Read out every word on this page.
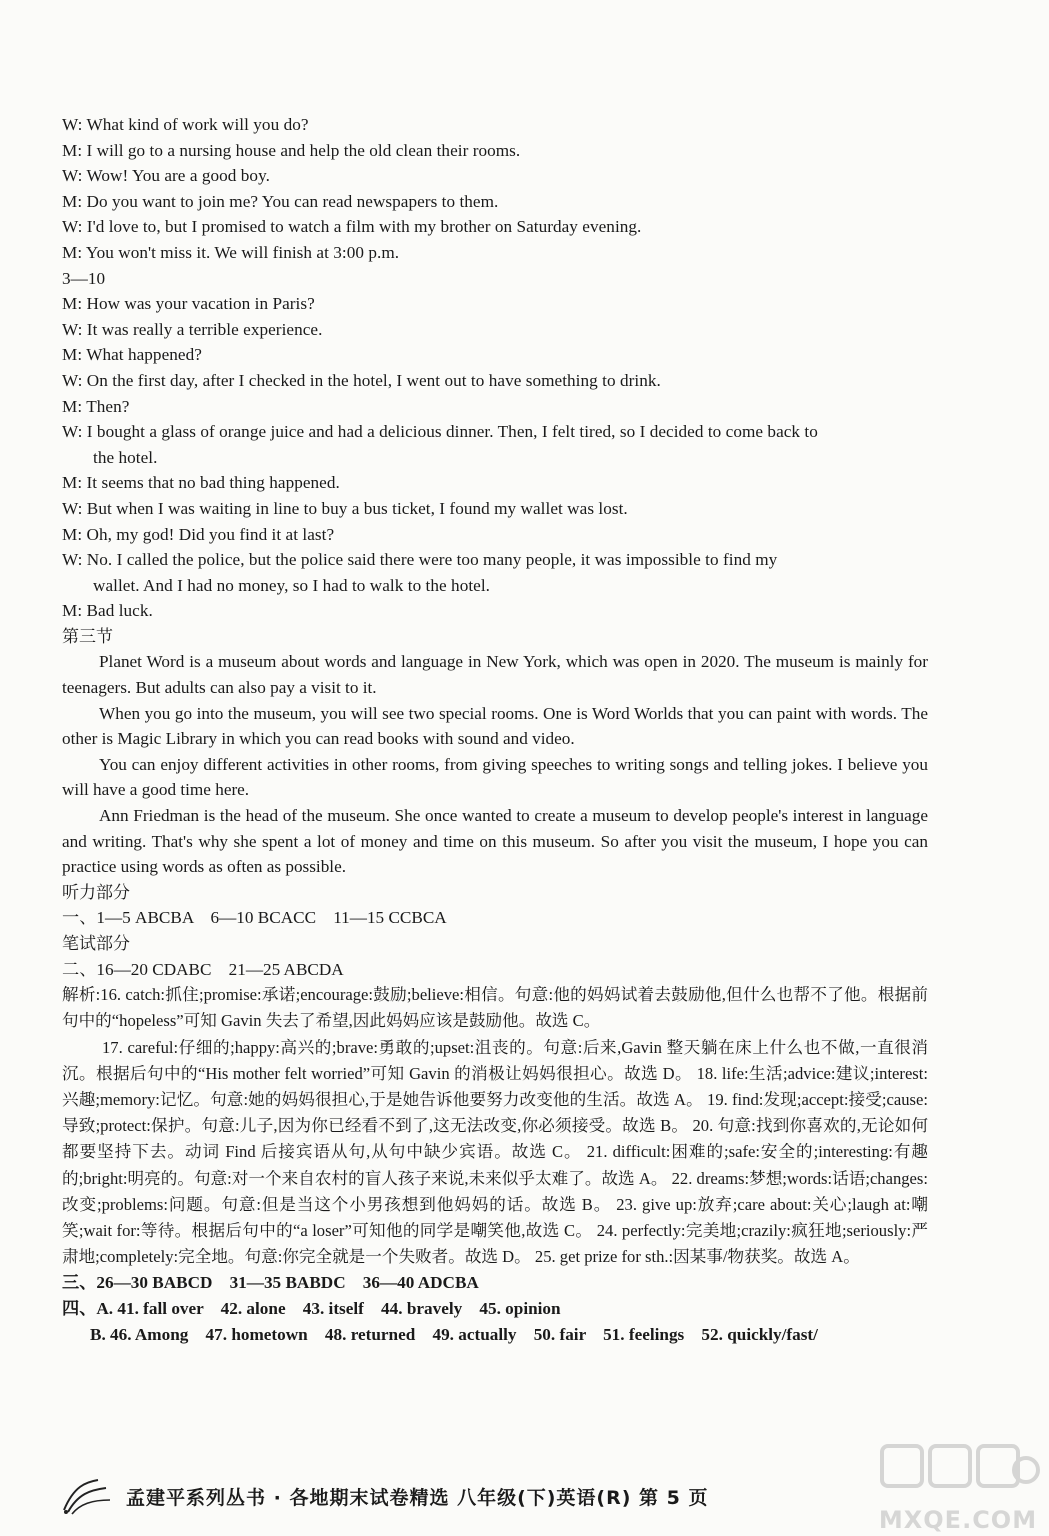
W: What kind of work will you do?
M: I will go to a nursing house and help the old clean their rooms.
W: Wow! You are a good boy.
M: Do you want to join me? You can read newspapers to them.
W: I'd love to, but I promised to watch a film with my brother on Saturday evening.
M: You won't miss it. We will finish at 3:00 p.m.
3—10
M: How was your vacation in Paris?
W: It was really a terrible experience.
M: What happened?
W: On the first day, after I checked in the hotel, I went out to have something to drink.
M: Then?
W: I bought a glass of orange juice and had a delicious dinner. Then, I felt tired, so I decided to come back to
the hotel.
M: It seems that no bad thing happened.
W: But when I was waiting in line to buy a bus ticket, I found my wallet was lost.
M: Oh, my god! Did you find it at last?
W: No. I called the police, but the police said there were too many people, it was impossible to find my
wallet. And I had no money, so I had to walk to the hotel.
M: Bad luck.
第三节
Planet Word is a museum about words and language in New York, which was open in 2020. The museum is mainly for teenagers. But adults can also pay a visit to it.
When you go into the museum, you will see two special rooms. One is Word Worlds that you can paint with words. The other is Magic Library in which you can read books with sound and video.
You can enjoy different activities in other rooms, from giving speeches to writing songs and telling jokes. I believe you will have a good time here.
Ann Friedman is the head of the museum. She once wanted to create a museum to develop people's interest in language and writing. That's why she spent a lot of money and time on this museum. So after you visit the museum, I hope you can practice using words as often as possible.
听力部分
一、1—5 ABCBA    6—10 BCACC    11—15 CCBCA
笔试部分
二、16—20 CDABC    21—25 ABCDA
解析:16. catch:抓住;promise:承诺;encourage:鼓励;believe:相信。句意:他的妈妈试着去鼓励他,但什么也帮不了他。根据前句中的“hopeless”可知 Gavin 失去了希望,因此妈妈应该是鼓励他。故选 C。
17. careful:仔细的;happy:高兴的;brave:勇敢的;upset:沮丧的。句意:后来,Gavin 整天躺在床上什么也不做,一直很消沉。根据后句中的“His mother felt worried”可知 Gavin 的消极让妈妈很担心。故选 D。 18. life:生活;advice:建议;interest:兴趣;memory:记忆。句意:她的妈妈很担心,于是她告诉他要努力改变他的生活。故选 A。 19. find:发现;accept:接受;cause:导致;protect:保护。句意:儿子,因为你已经看不到了,这无法改变,你必须接受。故选 B。 20. 句意:找到你喜欢的,无论如何都要坚持下去。动词 Find 后接宾语从句,从句中缺少宾语。故选 C。 21. difficult:困难的;safe:安全的;interesting:有趣的;bright:明亮的。句意:对一个来自农村的盲人孩子来说,未来似乎太难了。故选 A。 22. dreams:梦想;words:话语;changes:改变;problems:问题。句意:但是当这个小男孩想到他妈妈的话。故选 B。 23. give up:放弃;care about:关心;laugh at:嘲笑;wait for:等待。根据后句中的“a loser”可知他的同学是嘲笑他,故选 C。 24. perfectly:完美地;crazily:疯狂地;seriously:严肃地;completely:完全地。句意:你完全就是一个失败者。故选 D。 25. get prize for sth.:因某事/物获奖。故选 A。
三、26—30 BABCD    31—35 BABDC    36—40 ADCBA
四、A. 41. fall over    42. alone    43. itself    44. bravely    45. opinion
B. 46. Among    47. hometown    48. returned    49. actually    50. fair    51. feelings    52. quickly/fast/
孟建平系列丛书 · 各地期末试卷精选 八年级(下)英语(R) 第 5 页
MXQE.COM
